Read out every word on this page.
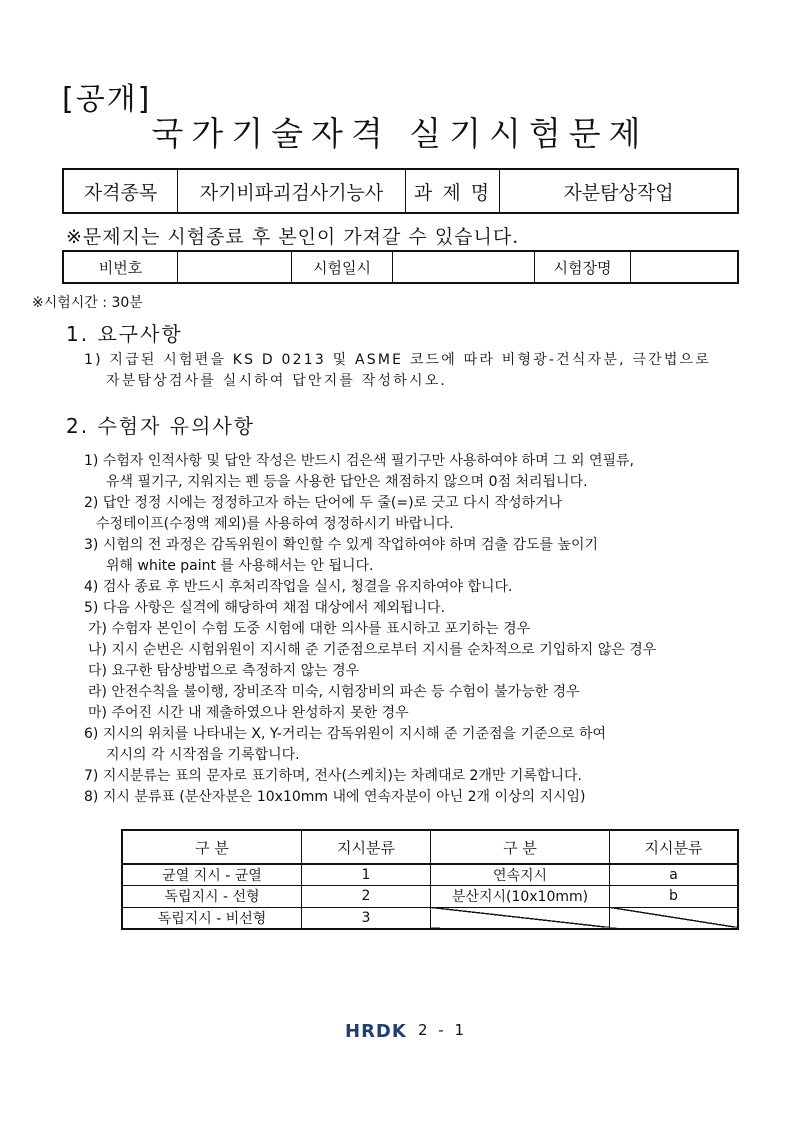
[공개]
국가기술자격 실기시험문제
자격종목	자기비파괴검사기능사	과 제 명	자분탐상작업
※문제지는 시험종료 후 본인이 가져갈 수 있습니다.
비번호		시험일시		시험장명	
※시험시간 : 30분
1. 요구사항
1) 지급된 시험편을 KS D 0213 및 ASME 코드에 따라 비형광-건식자분, 극간법으로
자분탐상검사를 실시하여 답안지를 작성하시오.
2. 수험자 유의사항
1) 수험자 인적사항 및 답안 작성은 반드시 검은색 필기구만 사용하여야 하며 그 외 연필류,
유색 필기구, 지워지는 펜 등을 사용한 답안은 채점하지 않으며 0점 처리됩니다.
2) 답안 정정 시에는 정정하고자 하는 단어에 두 줄(=)로 긋고 다시 작성하거나
수정테이프(수정액 제외)를 사용하여 정정하시기 바랍니다.
3) 시험의 전 과정은 감독위원이 확인할 수 있게 작업하여야 하며 검출 감도를 높이기
위해 white paint 를 사용해서는 안 됩니다.
4) 검사 종료 후 반드시 후처리작업을 실시, 청결을 유지하여야 합니다.
5) 다음 사항은 실격에 해당하여 채점 대상에서 제외됩니다.
가) 수험자 본인이 수험 도중 시험에 대한 의사를 표시하고 포기하는 경우
나) 지시 순번은 시험위원이 지시해 준 기준점으로부터 지시를 순차적으로 기입하지 않은 경우
다) 요구한 탐상방법으로 측정하지 않는 경우
라) 안전수칙을 불이행, 장비조작 미숙, 시험장비의 파손 등 수험이 불가능한 경우
마) 주어진 시간 내 제출하였으나 완성하지 못한 경우
6) 지시의 위치를 나타내는 X, Y-거리는 감독위원이 지시해 준 기준점을 기준으로 하여
지시의 각 시작점을 기록합니다.
7) 지시분류는 표의 문자로 표기하며, 전사(스케치)는 차례대로 2개만 기록합니다.
8) 지시 분류표 (분산자분은 10x10mm 내에 연속자분이 아닌 2개 이상의 지시임)
구 분	지시분류	구 분	지시분류
균열 지시 - 균열	1	연속지시	a
독립지시 - 선형	2	분산지시(10x10mm)	b
독립지시 - 비선형	3		
HRDK 2 - 1
